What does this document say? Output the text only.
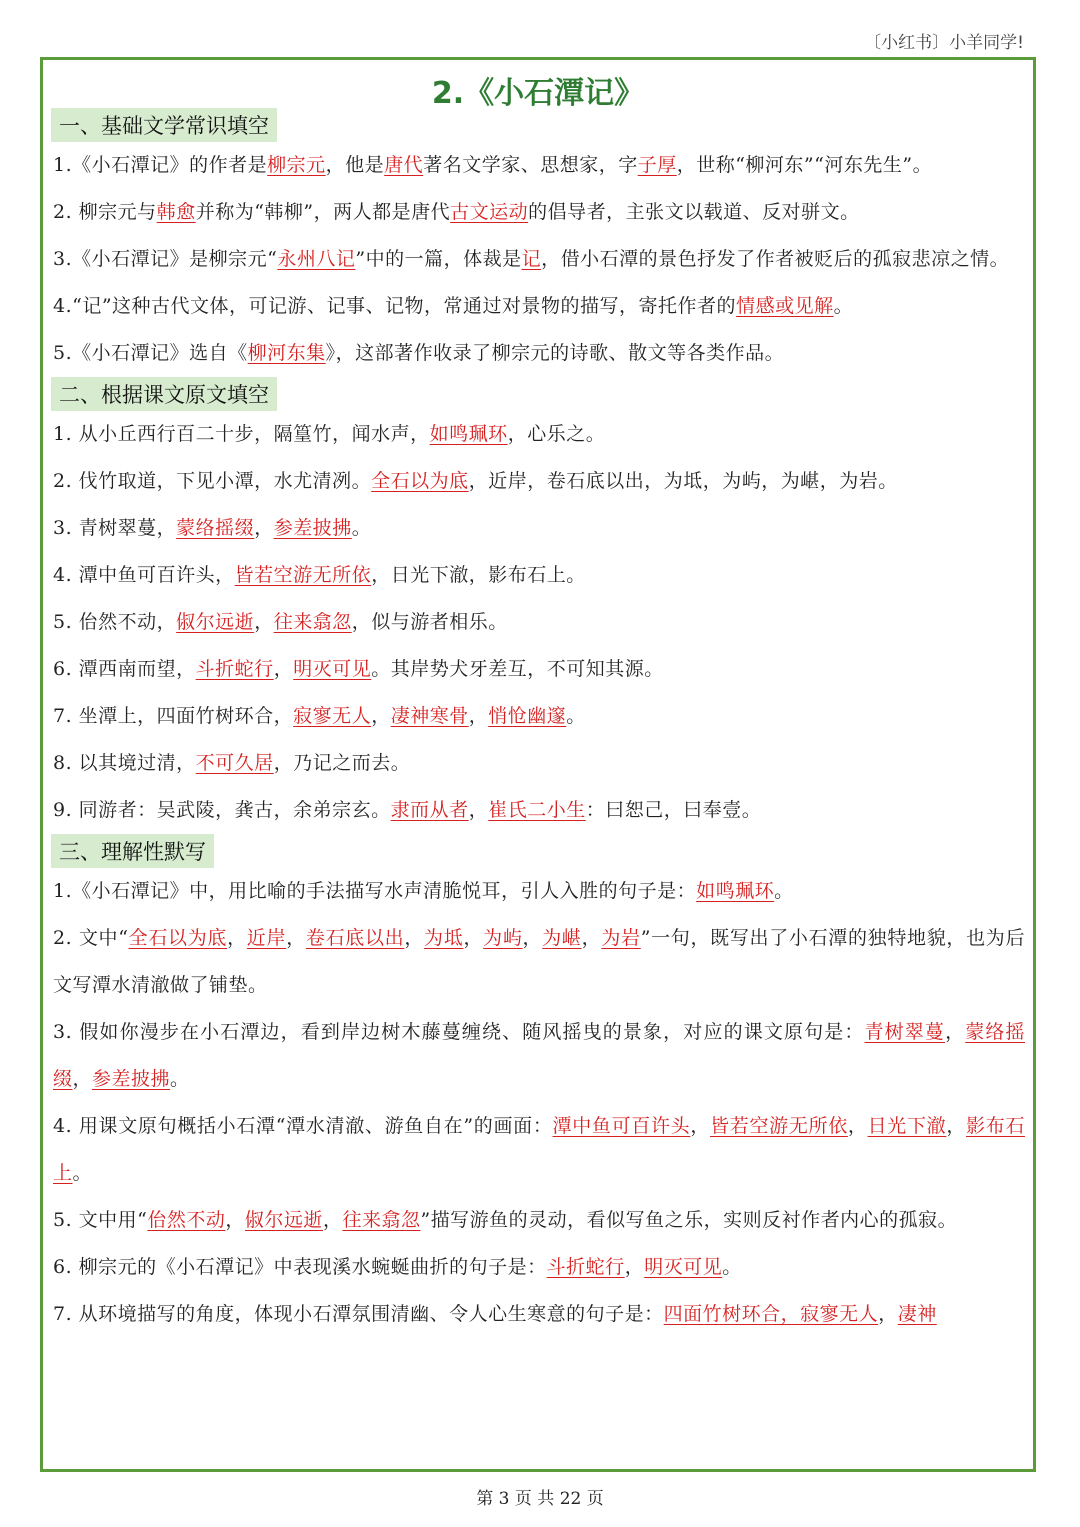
〔小红书〕小羊同学!
2.《小石潭记》
一、基础文学常识填空
1.《小石潭记》的作者是柳宗元，他是唐代著名文学家、思想家，字子厚，世称“柳河东”“河东先生”。
2. 柳宗元与韩愈并称为“韩柳”，两人都是唐代古文运动的倡导者，主张文以载道、反对骈文。
3.《小石潭记》是柳宗元“永州八记”中的一篇，体裁是记，借小石潭的景色抒发了作者被贬后的孤寂悲凉之情。
4.“记”这种古代文体，可记游、记事、记物，常通过对景物的描写，寄托作者的情感或见解。
5.《小石潭记》选自《柳河东集》，这部著作收录了柳宗元的诗歌、散文等各类作品。
二、根据课文原文填空
1. 从小丘西行百二十步，隔篁竹，闻水声，如鸣珮环，心乐之。
2. 伐竹取道，下见小潭，水尤清冽。全石以为底，近岸，卷石底以出，为坻，为屿，为嵁，为岩。
3. 青树翠蔓，蒙络摇缀，参差披拂。
4. 潭中鱼可百许头，皆若空游无所依，日光下澈，影布石上。
5. 佁然不动，俶尔远逝，往来翕忽，似与游者相乐。
6. 潭西南而望，斗折蛇行，明灭可见。其岸势犬牙差互，不可知其源。
7. 坐潭上，四面竹树环合，寂寥无人，凄神寒骨，悄怆幽邃。
8. 以其境过清，不可久居，乃记之而去。
9. 同游者：吴武陵，龚古，余弟宗玄。隶而从者，崔氏二小生：曰恕己，曰奉壹。
三、理解性默写
1.《小石潭记》中，用比喻的手法描写水声清脆悦耳，引人入胜的句子是：如鸣珮环。
2. 文中“全石以为底，近岸，卷石底以出，为坻，为屿，为嵁，为岩”一句，既写出了小石潭的独特地貌，也为后文写潭水清澈做了铺垫。
3. 假如你漫步在小石潭边，看到岸边树木藤蔓缠绕、随风摇曳的景象，对应的课文原句是：青树翠蔓，蒙络摇缀，参差披拂。
4. 用课文原句概括小石潭“潭水清澈、游鱼自在”的画面：潭中鱼可百许头，皆若空游无所依，日光下澈，影布石上。
5. 文中用“佁然不动，俶尔远逝，往来翕忽”描写游鱼的灵动，看似写鱼之乐，实则反衬作者内心的孤寂。
6. 柳宗元的《小石潭记》中表现溪水蜿蜒曲折的句子是：斗折蛇行，明灭可见。
7. 从环境描写的角度，体现小石潭氛围清幽、令人心生寒意的句子是：四面竹树环合，寂寥无人，凄神
第 3 页 共 22 页
